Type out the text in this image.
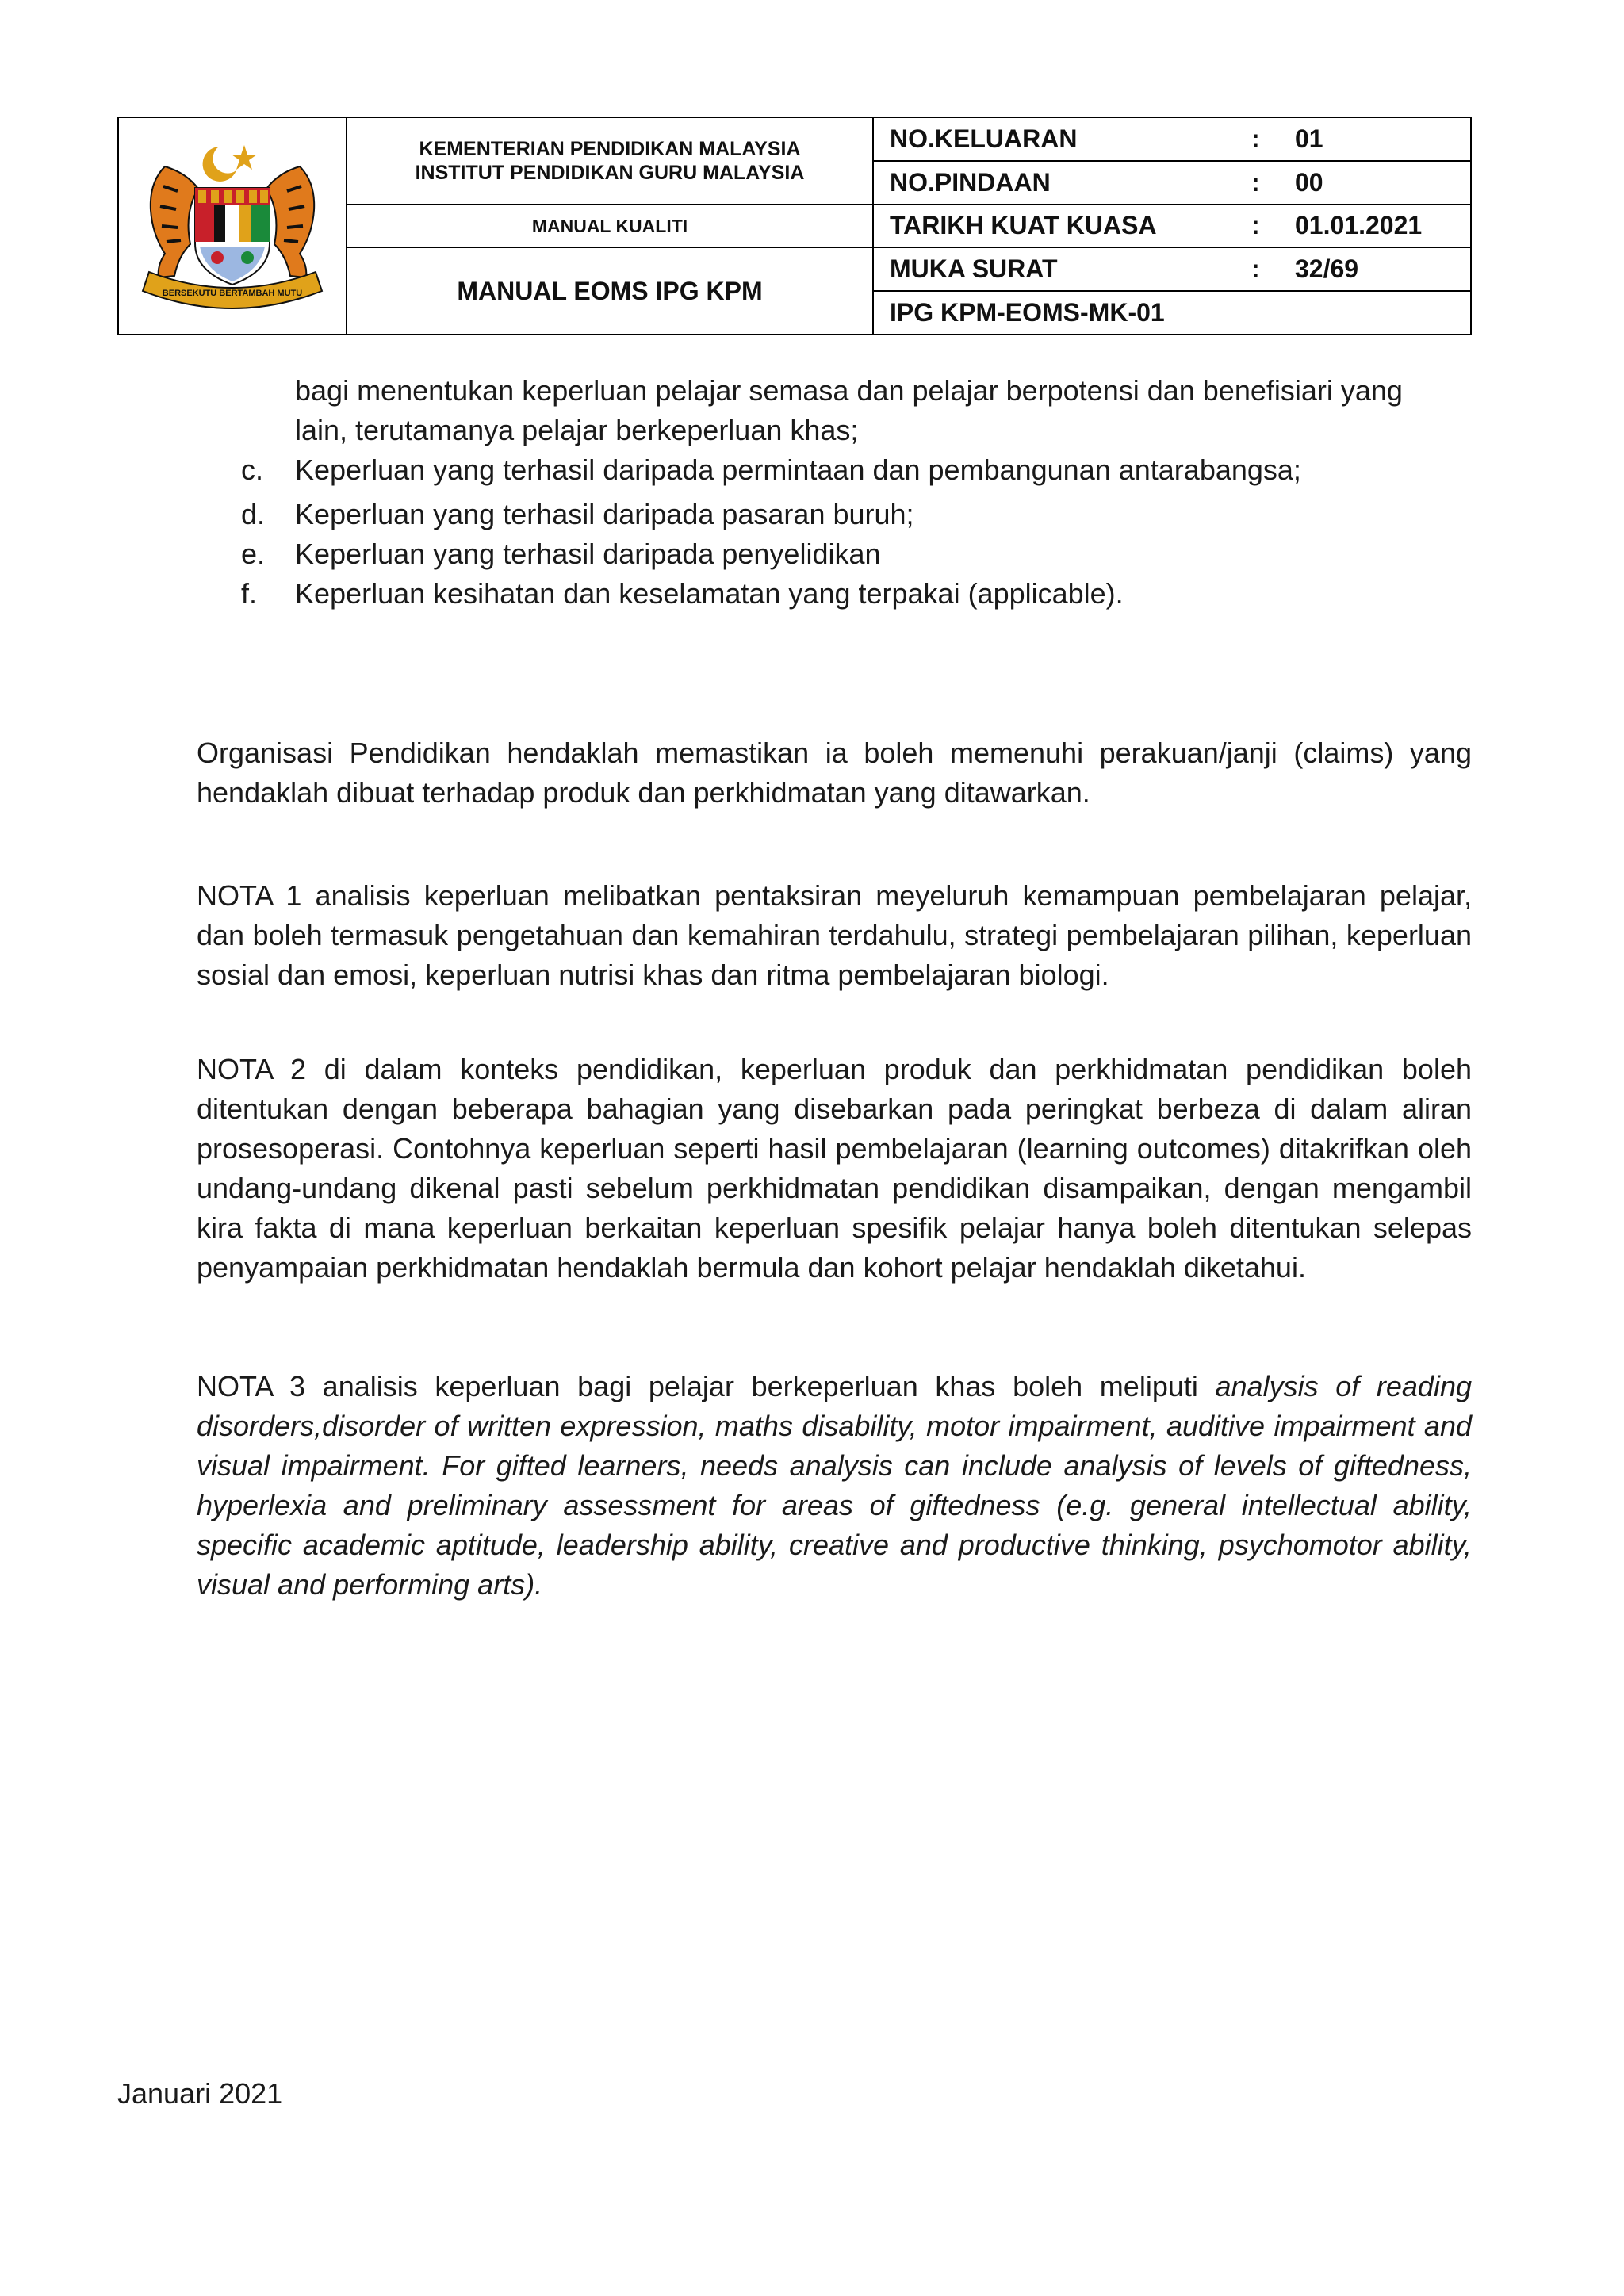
BERSEKUTU BERTAMBAH MUTU
KEMENTERIAN PENDIDIKAN MALAYSIA
INSTITUT PENDIDIKAN GURU MALAYSIA
MANUAL KUALITI
MANUAL EOMS IPG KPM
NO.KELUARAN	:	01
NO.PINDAAN	:	00
TARIKH KUAT KUASA	:	01.01.2021
MUKA SURAT	:	32/69
IPG KPM-EOMS-MK-01
bagi menentukan keperluan pelajar semasa dan pelajar berpotensi dan benefisiari yang
lain, terutamanya pelajar berkeperluan khas;
c.	Keperluan yang terhasil daripada permintaan dan pembangunan antarabangsa;
d.	Keperluan yang terhasil daripada pasaran buruh;
e.	Keperluan yang terhasil daripada penyelidikan
f.	Keperluan kesihatan dan keselamatan yang terpakai (applicable).
Organisasi Pendidikan hendaklah memastikan ia boleh memenuhi perakuan/janji (claims) yang hendaklah dibuat terhadap produk dan perkhidmatan yang ditawarkan.
NOTA 1 analisis keperluan melibatkan pentaksiran meyeluruh kemampuan pembelajaran pelajar, dan boleh termasuk pengetahuan dan kemahiran terdahulu, strategi pembelajaran pilihan, keperluan sosial dan emosi, keperluan nutrisi khas dan ritma pembelajaran biologi.
NOTA 2 di dalam konteks pendidikan, keperluan produk dan perkhidmatan pendidikan boleh ditentukan dengan beberapa bahagian yang disebarkan pada peringkat berbeza di dalam aliran prosesoperasi. Contohnya keperluan seperti hasil pembelajaran (learning outcomes) ditakrifkan oleh undang-undang dikenal pasti sebelum perkhidmatan pendidikan disampaikan, dengan mengambil kira fakta di mana keperluan berkaitan keperluan spesifik pelajar hanya boleh ditentukan selepas penyampaian perkhidmatan hendaklah bermula dan kohort pelajar hendaklah diketahui.
NOTA 3 analisis keperluan bagi pelajar berkeperluan khas boleh meliputi analysis of reading disorders,disorder of written expression, maths disability, motor impairment, auditive impairment and visual impairment. For gifted learners, needs analysis can include analysis of levels of giftedness, hyperlexia and preliminary assessment for areas of giftedness (e.g. general intellectual ability, specific academic aptitude, leadership ability, creative and productive thinking, psychomotor ability, visual and performing arts).
Januari 2021
